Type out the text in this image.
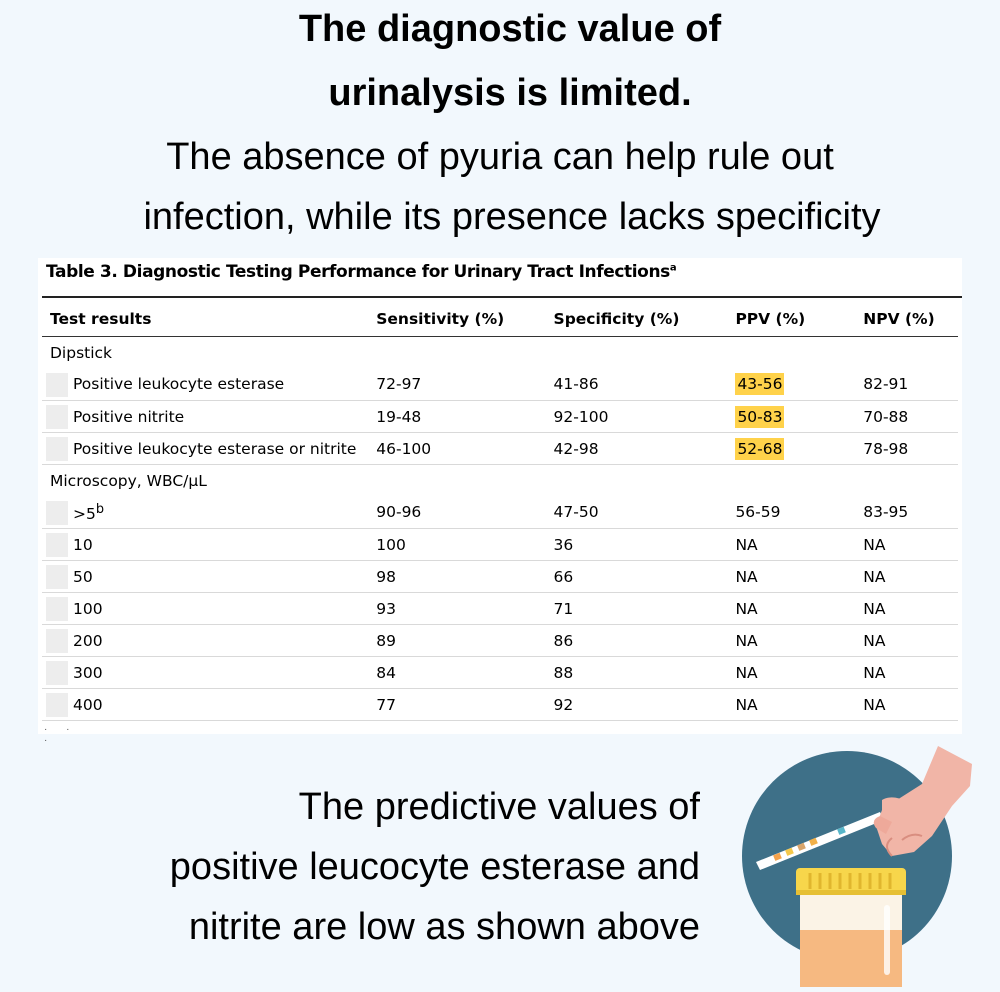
The diagnostic value of
urinalysis is limited.
The absence of pyuria can help rule out
infection, while its presence lacks specificity
Table 3. Diagnostic Testing Performance for Urinary Tract Infections$^a$
Test results	Sensitivity (%)	Specificity (%)	PPV (%)	NPV (%)
Dipstick				
Positive leukocyte esterase	72-97	41-86	43-56	82-91
Positive nitrite	19-48	92-100	50-83	70-88
Positive leukocyte esterase or nitrite	46-100	42-98	52-68	78-98
Microscopy, WBC/μL				
$>5^b$	90-96	47-50	56-59	83-95
10	100	36	NA	NA
50	98	66	NA	NA
100	93	71	NA	NA
200	89	86	NA	NA
300	84	88	NA	NA
400	77	92	NA	NA
· · ·
The predictive values of
positive leucocyte esterase and
nitrite are low as shown above
